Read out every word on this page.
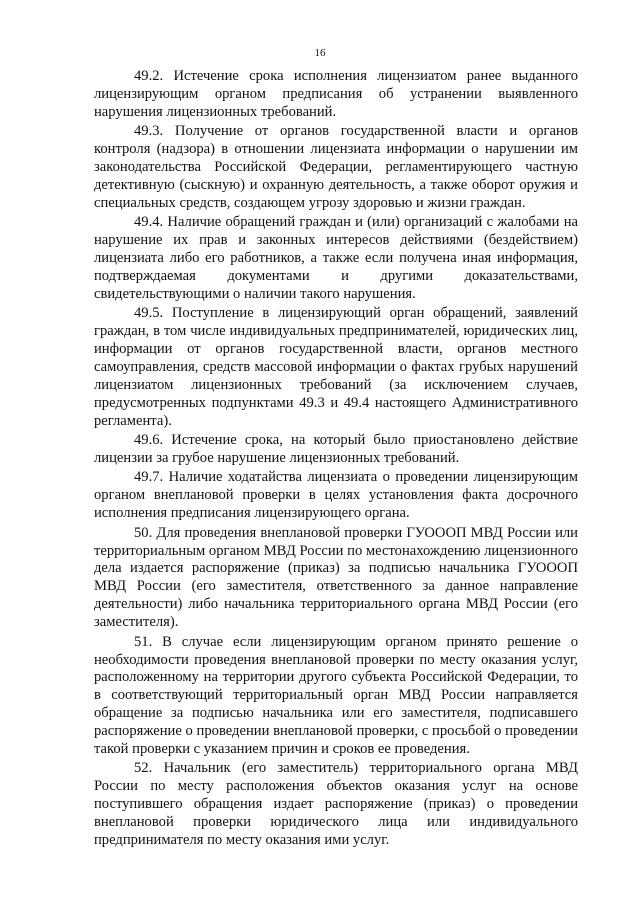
16

49.2. Истечение срока исполнения лицензиатом ранее выданного лицензирующим органом предписания об устранении выявленного нарушения лицензионных требований.

49.3. Получение от органов государственной власти и органов контроля (надзора) в отношении лицензиата информации о нарушении им законодательства Российской Федерации, регламентирующего частную детективную (сыскную) и охранную деятельность, а также оборот оружия и специальных средств, создающем угрозу здоровью и жизни граждан.

49.4. Наличие обращений граждан и (или) организаций с жалобами на нарушение их прав и законных интересов действиями (бездействием) лицензиата либо его работников, а также если получена иная информация, подтверждаемая документами и другими доказательствами, свидетельствующими о наличии такого нарушения.

49.5. Поступление в лицензирующий орган обращений, заявлений граждан, в том числе индивидуальных предпринимателей, юридических лиц, информации от органов государственной власти, органов местного самоуправления, средств массовой информации о фактах грубых нарушений лицензиатом лицензионных требований (за исключением случаев, предусмотренных подпунктами 49.3 и 49.4 настоящего Административного регламента).

49.6. Истечение срока, на который было приостановлено действие лицензии за грубое нарушение лицензионных требований.

49.7. Наличие ходатайства лицензиата о проведении лицензирующим органом внеплановой проверки в целях установления факта досрочного исполнения предписания лицензирующего органа.

50. Для проведения внеплановой проверки ГУОООП МВД России или территориальным органом МВД России по местонахождению лицензионного дела издается распоряжение (приказ) за подписью начальника ГУОООП МВД России (его заместителя, ответственного за данное направление деятельности) либо начальника территориального органа МВД России (его заместителя).

51. В случае если лицензирующим органом принято решение о необходимости проведения внеплановой проверки по месту оказания услуг, расположенному на территории другого субъекта Российской Федерации, то в соответствующий территориальный орган МВД России направляется обращение за подписью начальника или его заместителя, подписавшего распоряжение о проведении внеплановой проверки, с просьбой о проведении такой проверки с указанием причин и сроков ее проведения.

52. Начальник (его заместитель) территориального органа МВД России по месту расположения объектов оказания услуг на основе поступившего обращения издает распоряжение (приказ) о проведении внеплановой проверки юридического лица или индивидуального предпринимателя по месту оказания ими услуг.
